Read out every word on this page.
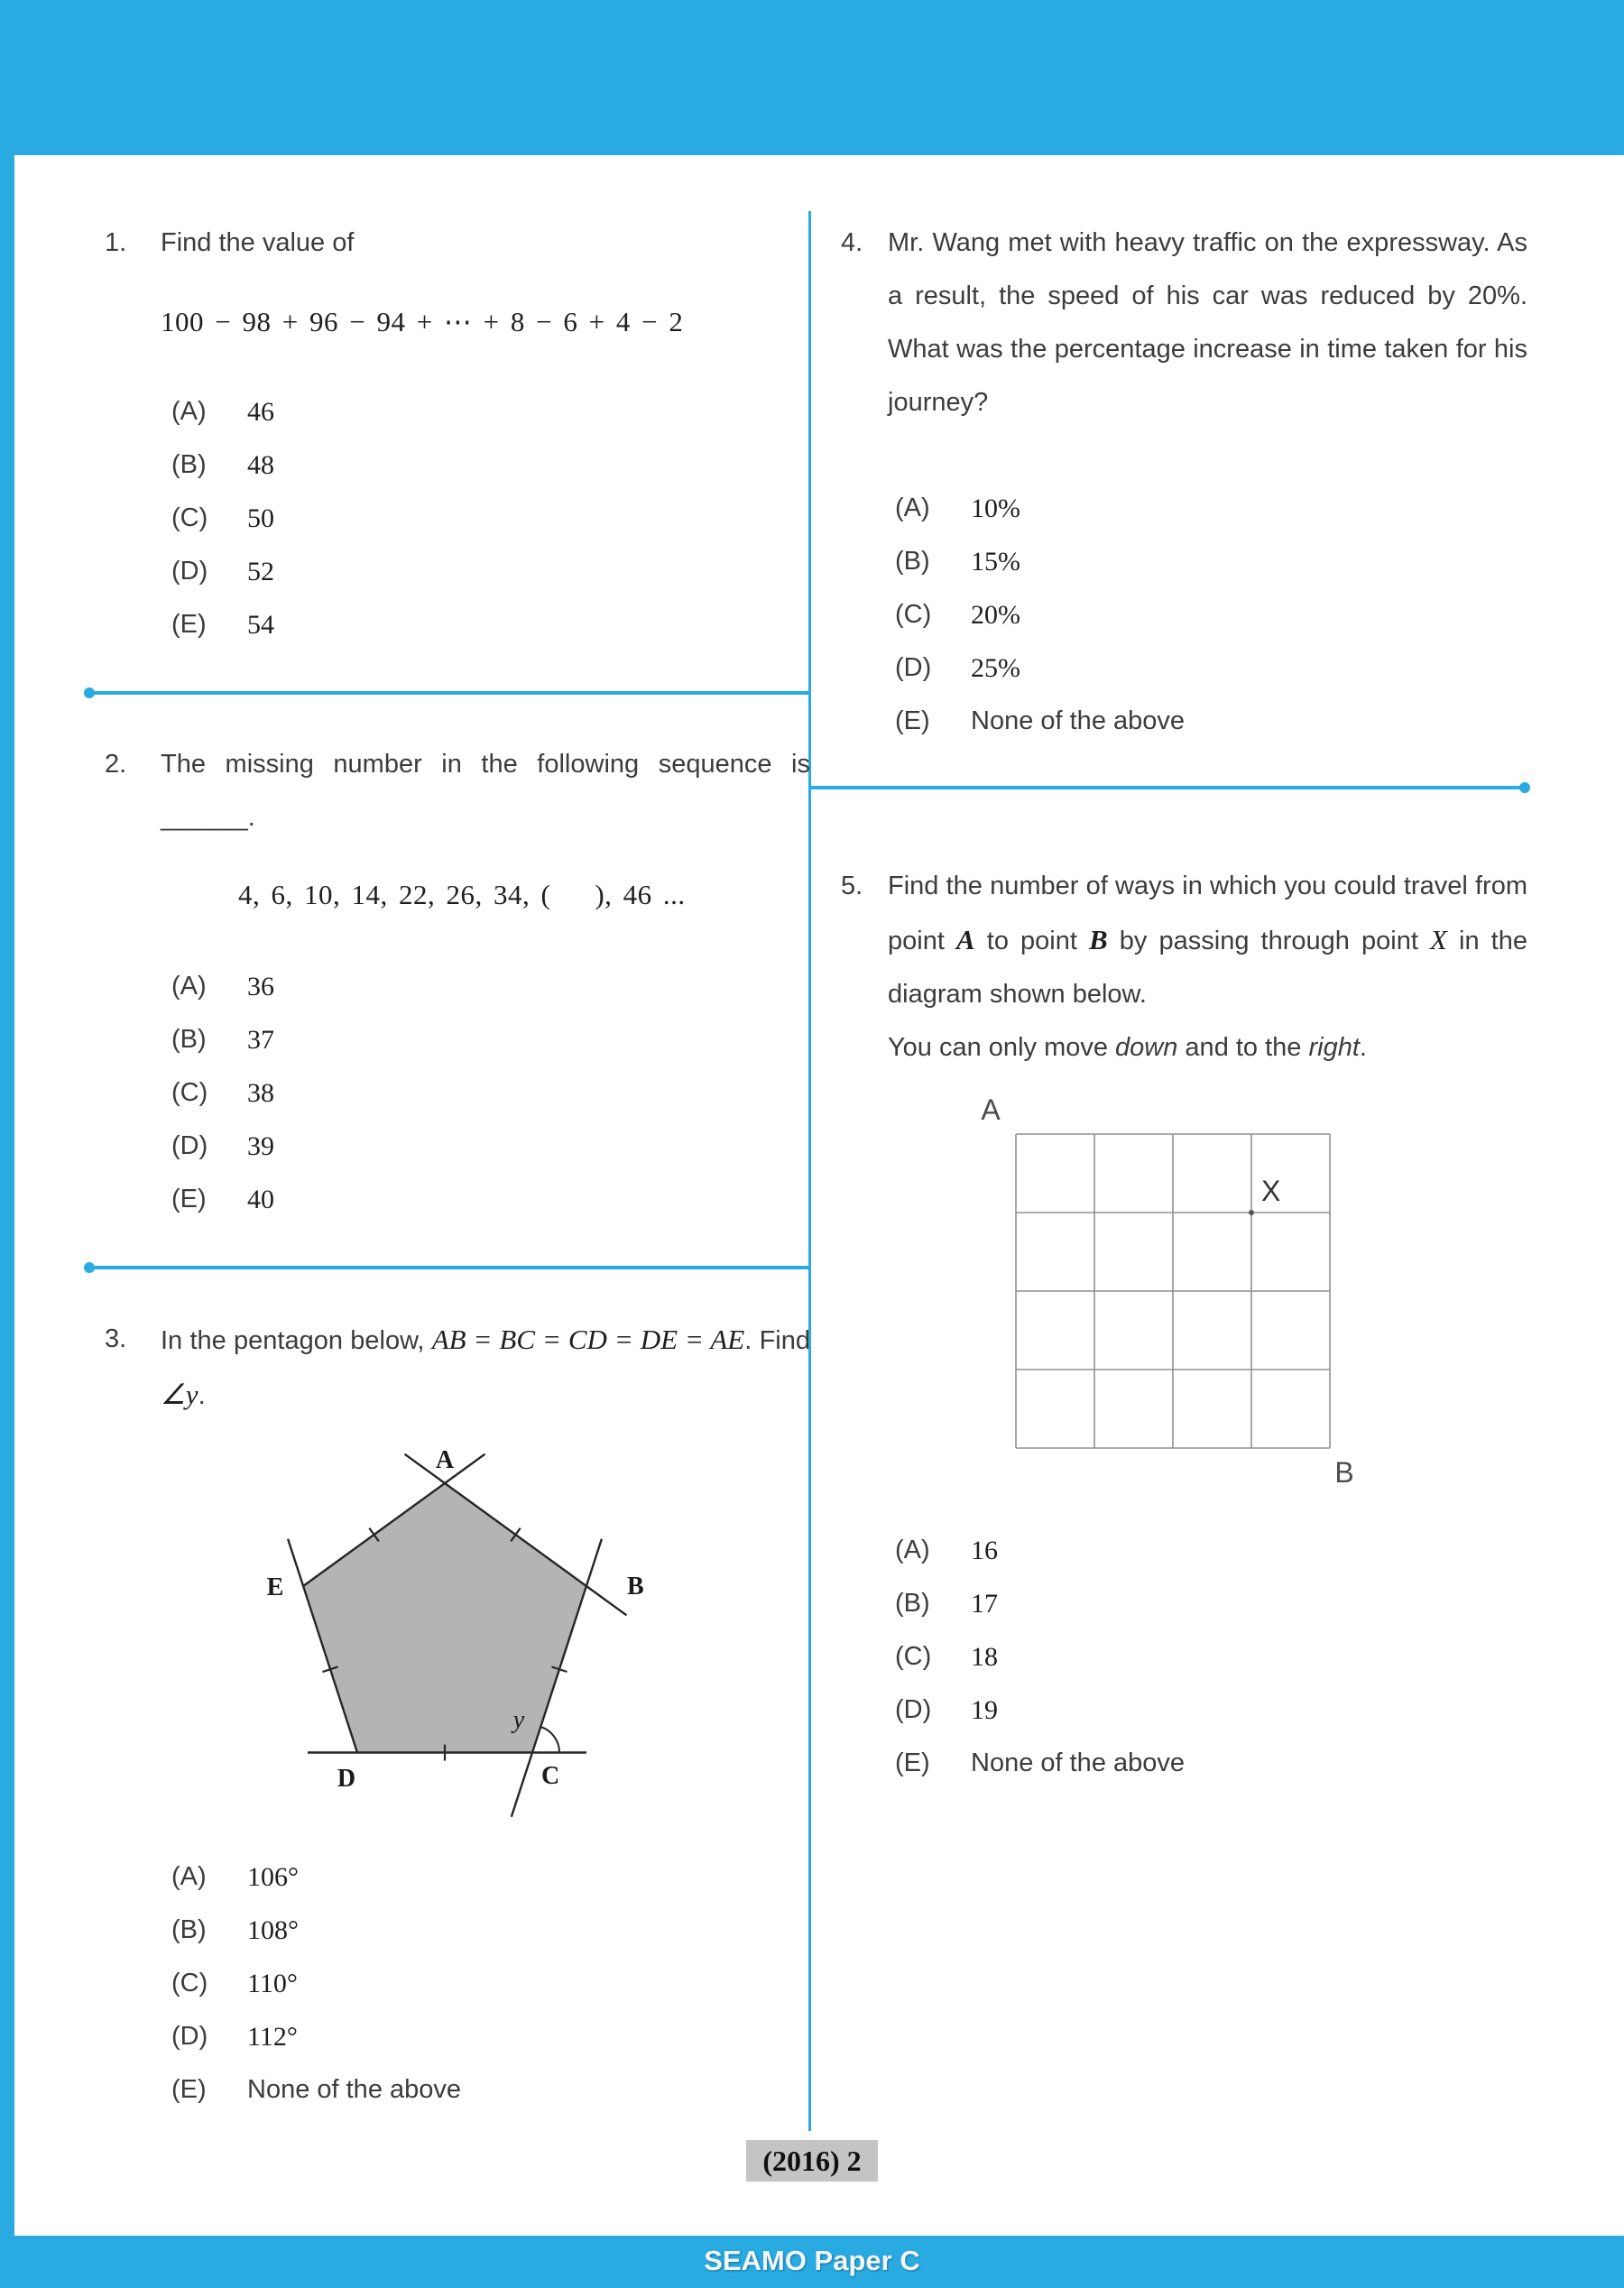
1.	Find the value of

100 − 98 + 96 − 94 + ⋯ + 8 − 6 + 4 − 2
(A)	46
(B)	48
(C)	50
(D)	52
(E)	54
2.	The missing number in the following sequence is ______.

4, 6, 10, 14, 22, 26, 34, (    ), 46 ...
(A)	36
(B)	37
(C)	38
(D)	39
(E)	40
3.	In the pentagon below, AB = BC = CD = DE = AE. Find ∠y.

A
B
C
D
E
y
(A)	106°
(B)	108°
(C)	110°
(D)	112°
(E)	None of the above
4. Mr. Wang met with heavy traffic on the expressway. As a result, the speed of his car was reduced by 20%. What was the percentage increase in time taken for his journey?

(A)	10%
(B)	15%
(C)	20%
(D)	25%
(E)	None of the above
5. Find the number of ways in which you could travel from point A to point B by passing through point X in the diagram shown below.

You can only move down and to the right.

X
A
B
(A)	16
(B)	17
(C)	18
(D)	19
(E)	None of the above
(2016) 2
SEAMO Paper C
